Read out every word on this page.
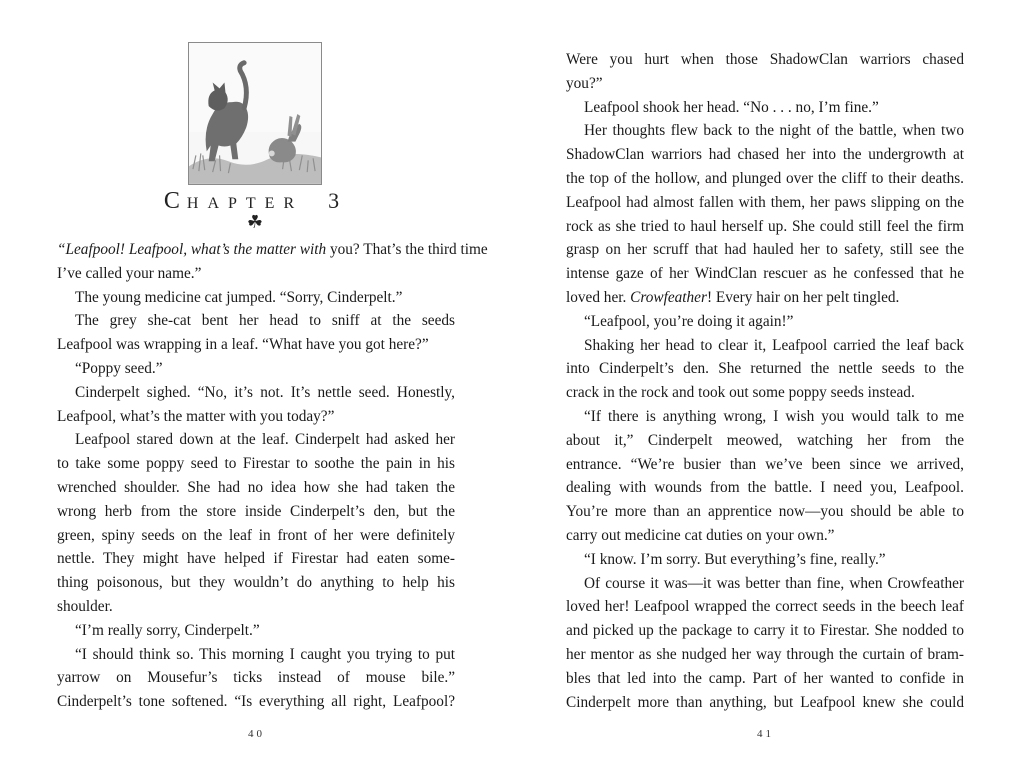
CHAPTER 3
☘
“Leafpool! Leafpool, what’s the matter with you? That’s the third time
I’ve called your name.”
The young medicine cat jumped. “Sorry, Cinderpelt.”
The grey she-cat bent her head to sniff at the seeds
Leafpool was wrapping in a leaf. “What have you got here?”
“Poppy seed.”
Cinderpelt sighed. “No, it’s not. It’s nettle seed. Honestly,
Leafpool, what’s the matter with you today?”
Leafpool stared down at the leaf. Cinderpelt had asked her
to take some poppy seed to Firestar to soothe the pain in his
wrenched shoulder. She had no idea how she had taken the
wrong herb from the store inside Cinderpelt’s den, but the
green, spiny seeds on the leaf in front of her were definitely
nettle. They might have helped if Firestar had eaten some-
thing poisonous, but they wouldn’t do anything to help his
shoulder.
“I’m really sorry, Cinderpelt.”
“I should think so. This morning I caught you trying to put
yarrow on Mousefur’s ticks instead of mouse bile.”
Cinderpelt’s tone softened. “Is everything all right, Leafpool?
40
Were you hurt when those ShadowClan warriors chased
you?”
Leafpool shook her head. “No . . . no, I’m fine.”
Her thoughts flew back to the night of the battle, when two
ShadowClan warriors had chased her into the undergrowth at
the top of the hollow, and plunged over the cliff to their deaths.
Leafpool had almost fallen with them, her paws slipping on the
rock as she tried to haul herself up. She could still feel the firm
grasp on her scruff that had hauled her to safety, still see the
intense gaze of her WindClan rescuer as he confessed that he
loved her. Crowfeather! Every hair on her pelt tingled.
“Leafpool, you’re doing it again!”
Shaking her head to clear it, Leafpool carried the leaf back
into Cinderpelt’s den. She returned the nettle seeds to the
crack in the rock and took out some poppy seeds instead.
“If there is anything wrong, I wish you would talk to me
about it,” Cinderpelt meowed, watching her from the
entrance. “We’re busier than we’ve been since we arrived,
dealing with wounds from the battle. I need you, Leafpool.
You’re more than an apprentice now—you should be able to
carry out medicine cat duties on your own.”
“I know. I’m sorry. But everything’s fine, really.”
Of course it was—it was better than fine, when Crowfeather
loved her! Leafpool wrapped the correct seeds in the beech leaf
and picked up the package to carry it to Firestar. She nodded to
her mentor as she nudged her way through the curtain of bram-
bles that led into the camp. Part of her wanted to confide in
Cinderpelt more than anything, but Leafpool knew she could
41
